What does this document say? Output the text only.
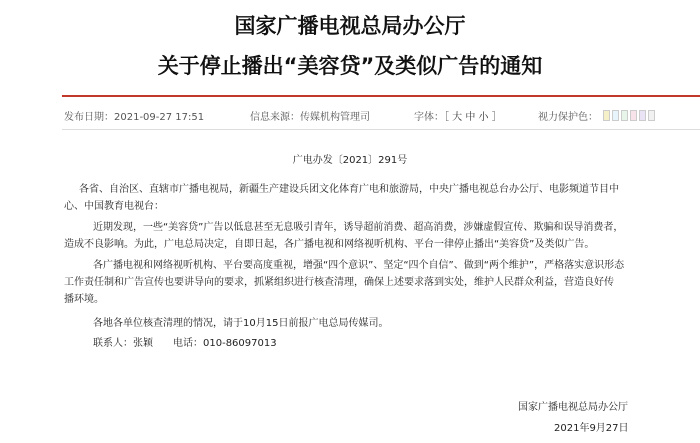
国家广播电视总局办公厅
关于停止播出“美容贷”及类似广告的通知
发布日期：2021-09-27 17:51	信息来源：传媒机构管理司	字体：［ 大 中 小 ］	视力保护色：
广电办发〔2021〕291号
各省、自治区、直辖市广播电视局，新疆生产建设兵团文化体育广电和旅游局，中央广播电视总台办公厅、电影频道节目中
心、中国教育电视台：
近期发现，一些“美容贷”广告以低息甚至无息吸引青年，诱导超前消费、超高消费，涉嫌虚假宣传、欺骗和误导消费者，
造成不良影响。为此，广电总局决定，自即日起，各广播电视和网络视听机构、平台一律停止播出“美容贷”及类似广告。
各广播电视和网络视听机构、平台要高度重视，增强“四个意识”、坚定“四个自信”、做到“两个维护”，严格落实意识形态
工作责任制和广告宣传也要讲导向的要求，抓紧组织进行核查清理，确保上述要求落到实处，维护人民群众利益，营造良好传
播环境。
各地各单位核查清理的情况，请于10月15日前报广电总局传媒司。
联系人：张颖　　电话：010-86097013
国家广播电视总局办公厅
2021年9月27日
